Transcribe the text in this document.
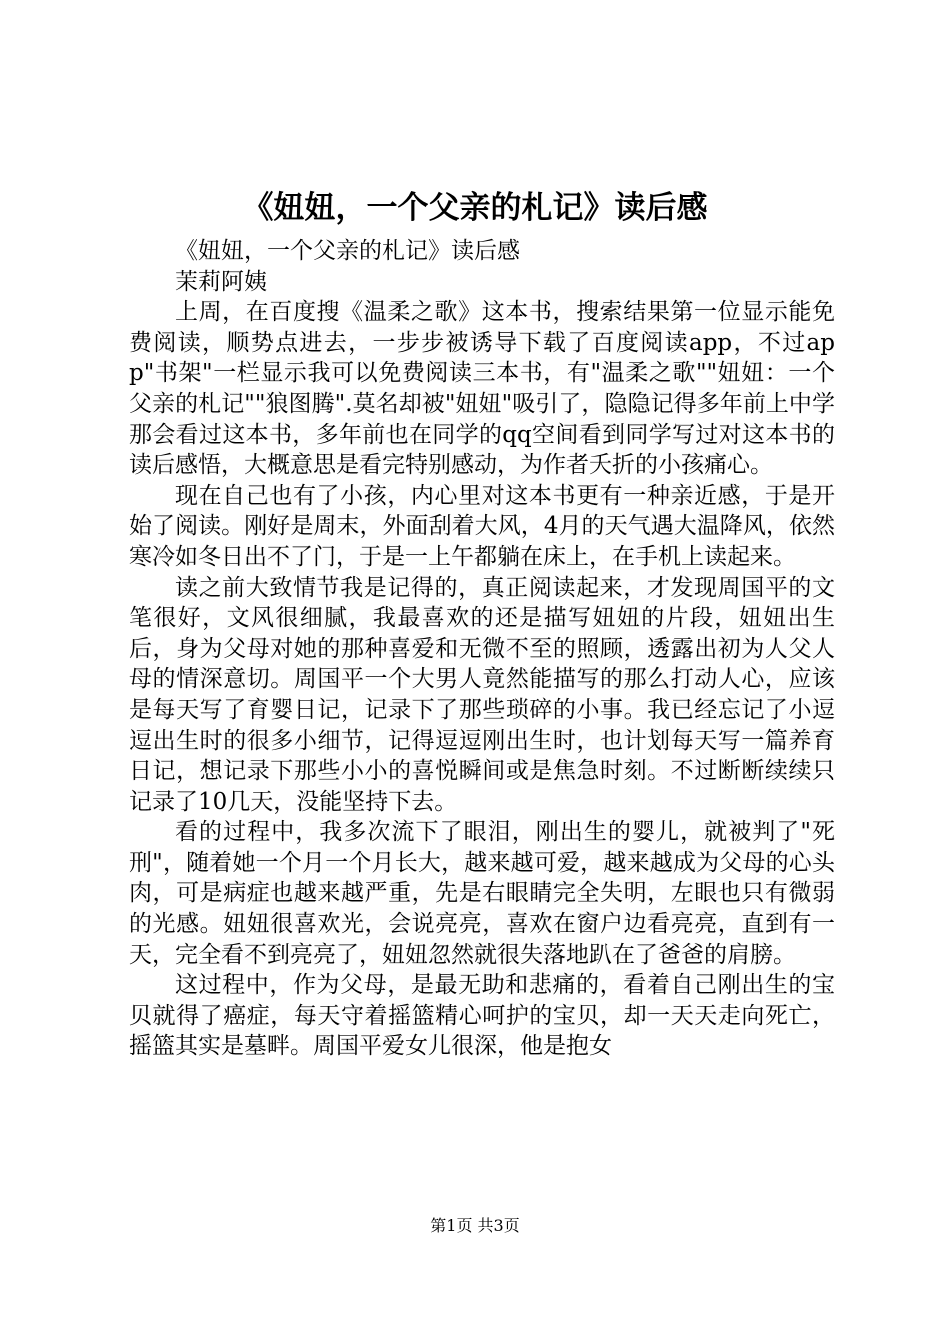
《妞妞，一个父亲的札记》读后感

《妞妞，一个父亲的札记》读后感

茉莉阿姨

上周，在百度搜《温柔之歌》这本书，搜索结果第一位显示能免费阅读，顺势点进去，一步步被诱导下载了百度阅读app，不过app"书架"一栏显示我可以免费阅读三本书，有"温柔之歌""妞妞：一个父亲的札记""狼图腾".莫名却被"妞妞"吸引了，隐隐记得多年前上中学那会看过这本书，多年前也在同学的qq空间看到同学写过对这本书的读后感悟，大概意思是看完特别感动，为作者夭折的小孩痛心。

现在自己也有了小孩，内心里对这本书更有一种亲近感，于是开始了阅读。刚好是周末，外面刮着大风，4月的天气遇大温降风，依然寒冷如冬日出不了门，于是一上午都躺在床上，在手机上读起来。

读之前大致情节我是记得的，真正阅读起来，才发现周国平的文笔很好，文风很细腻，我最喜欢的还是描写妞妞的片段，妞妞出生后，身为父母对她的那种喜爱和无微不至的照顾，透露出初为人父人母的情深意切。周国平一个大男人竟然能描写的那么打动人心，应该是每天写了育婴日记，记录下了那些琐碎的小事。我已经忘记了小逗逗出生时的很多小细节，记得逗逗刚出生时，也计划每天写一篇养育日记，想记录下那些小小的喜悦瞬间或是焦急时刻。不过断断续续只记录了10几天，没能坚持下去。

看的过程中，我多次流下了眼泪，刚出生的婴儿，就被判了"死刑"，随着她一个月一个月长大，越来越可爱，越来越成为父母的心头肉，可是病症也越来越严重，先是右眼睛完全失明，左眼也只有微弱的光感。妞妞很喜欢光，会说亮亮，喜欢在窗户边看亮亮，直到有一天，完全看不到亮亮了，妞妞忽然就很失落地趴在了爸爸的肩膀。

这过程中，作为父母，是最无助和悲痛的，看着自己刚出生的宝贝就得了癌症，每天守着摇篮精心呵护的宝贝，却一天天走向死亡，摇篮其实是墓畔。周国平爱女儿很深，他是抱女

第1页 共3页
